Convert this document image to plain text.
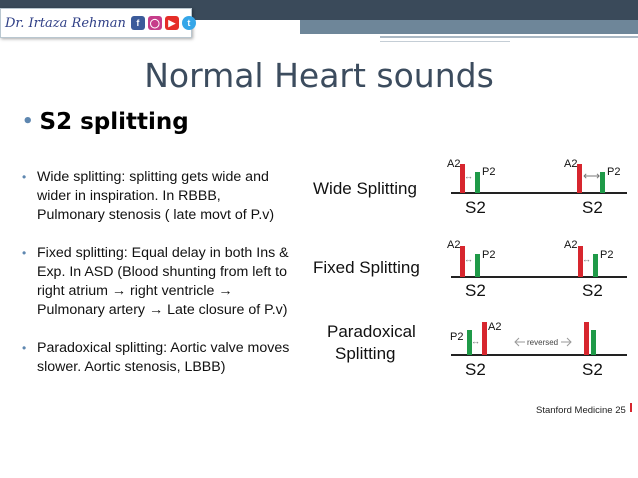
Dr. Irtaza Rehman	f	◯ ▶	t
Normal Heart sounds
• S2 splitting
• Wide splitting: splitting gets wide and wider in inspiration. In RBBB, Pulmonary stenosis ( late movt of P.v)
• Fixed splitting: Equal delay in both Ins & Exp. In ASD (Blood shunting from left to right atrium → right ventricle → Pulmonary artery → Late closure of P.v)
• Paradoxical splitting: Aortic valve moves slower. Aortic stenosis, LBBB)
Wide Splitting
A2
↔ P2
A2
⟷ P2
S2	S2
Fixed Splitting
A2
↔ P2
A2
↔ P2
S2	S2
Paradoxical
Splitting
P2 ↔
A2
reversed
S2	S2
Stanford Medicine 25
